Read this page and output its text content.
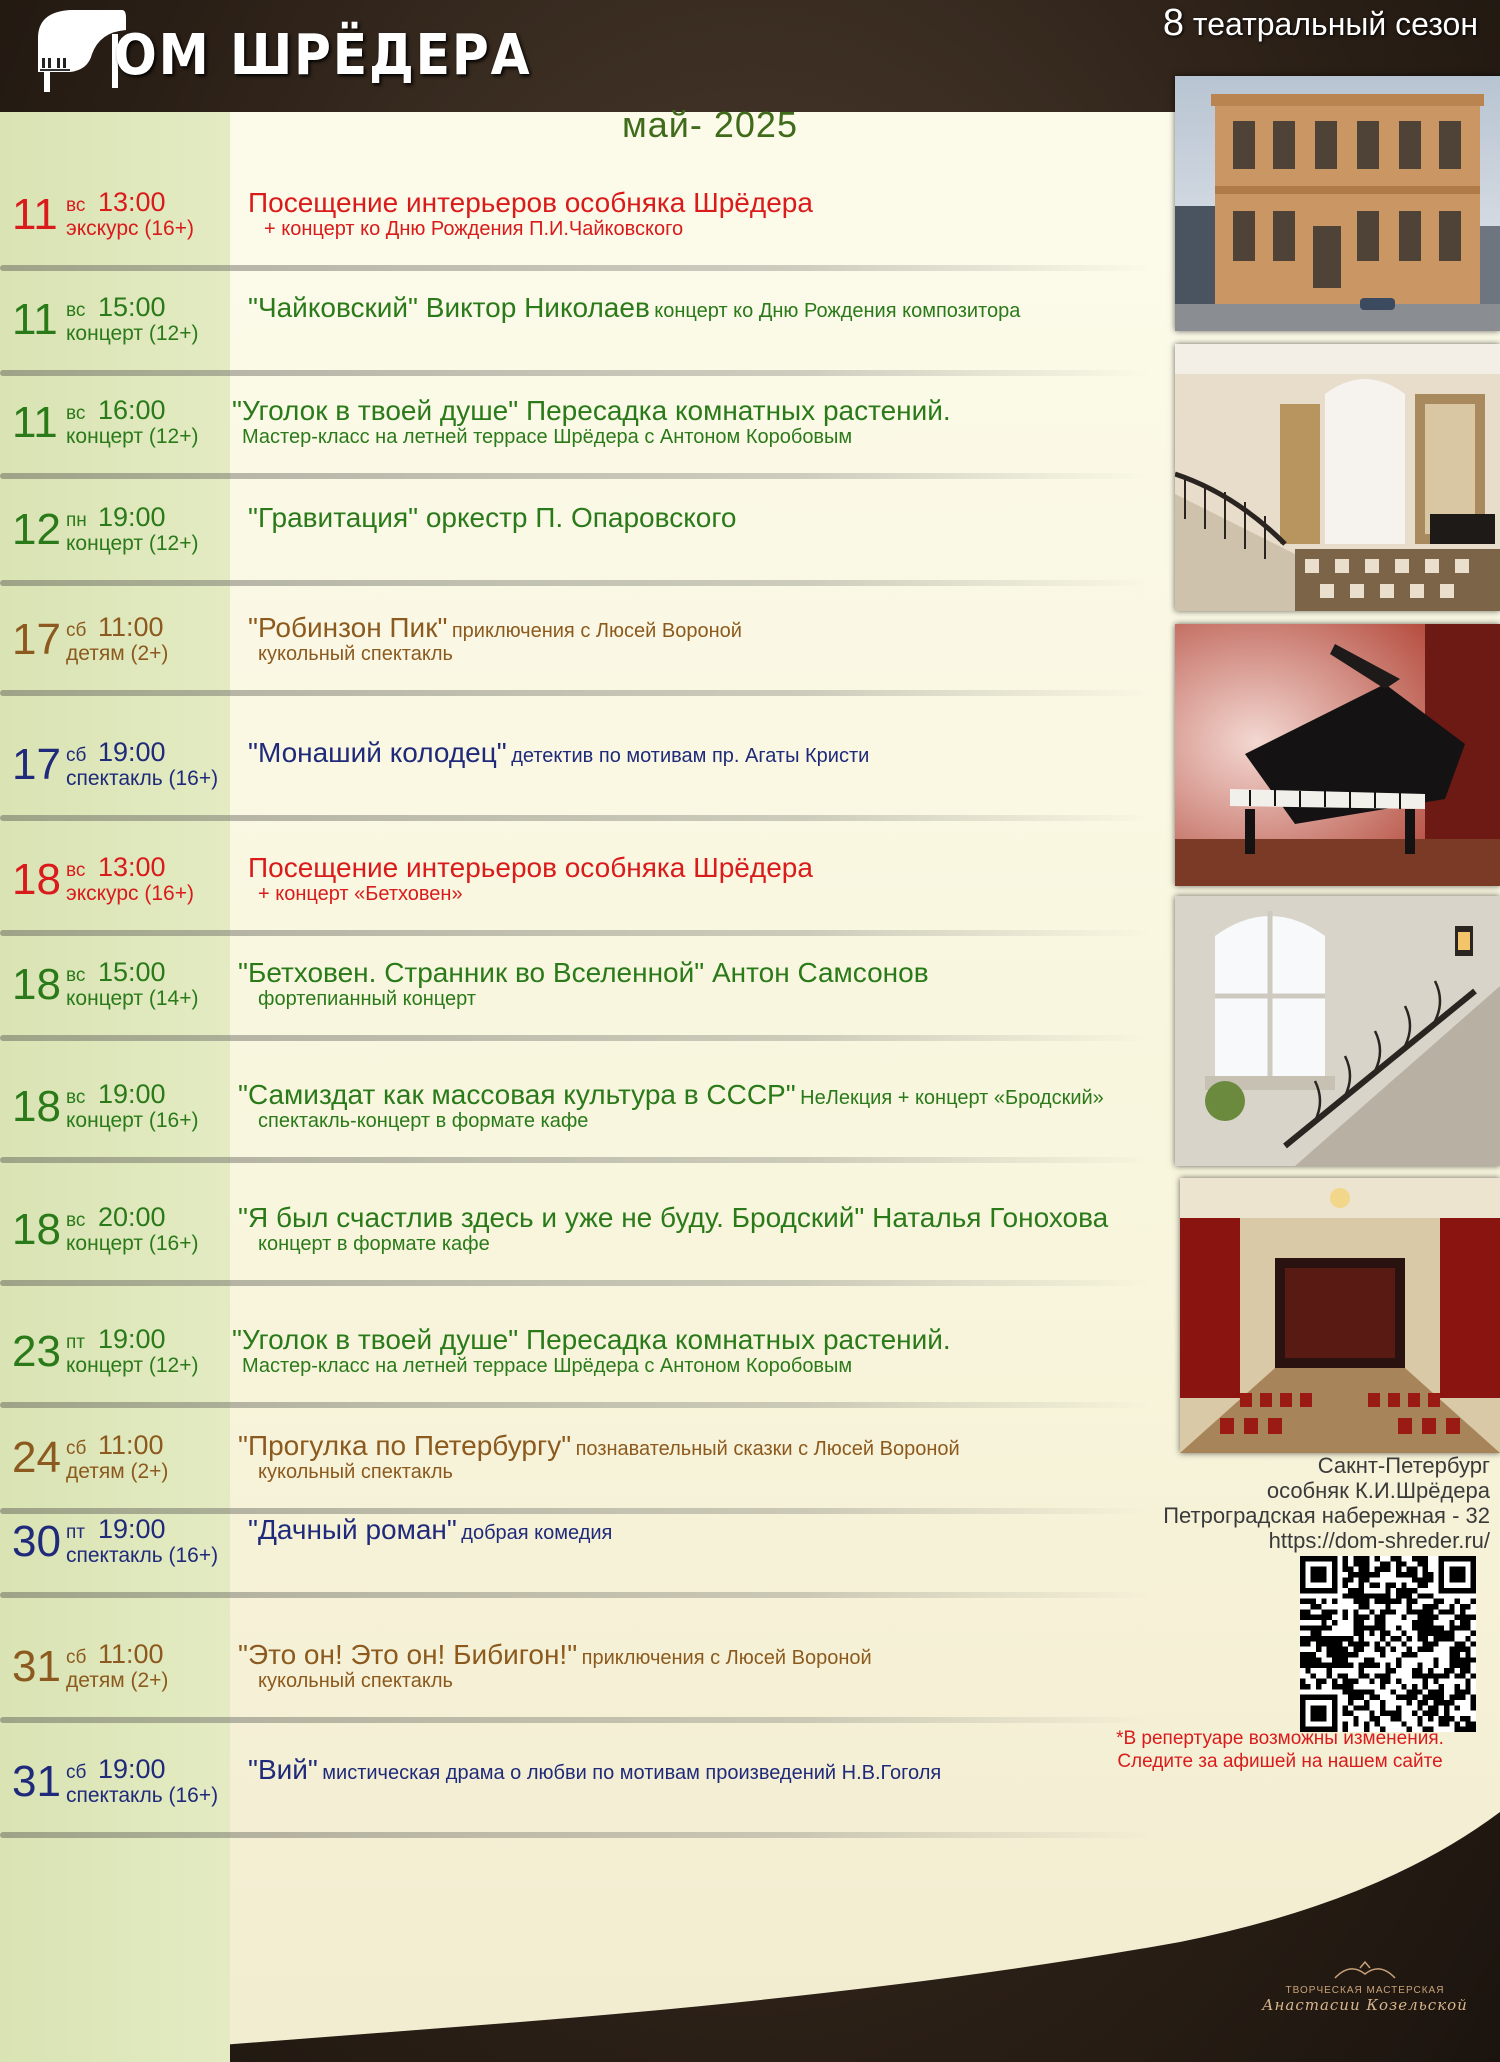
ОМ ШРЁДЕРА	8 театральный сезон
май- 2025
11 вс 13:00
экскурс (16+)
Посещение интерьеров особняка Шрёдера
+ концерт ко Дню Рождения П.И.Чайковского
11 вс 15:00
концерт (12+)
"Чайковский" Виктор Николаев концерт ко Дню Рождения композитора
11 вс 16:00
концерт (12+)
"Уголок в твоей душе" Пересадка комнатных растений.
Мастер-класс на летней террасе Шрёдера с Антоном Коробовым
12 пн 19:00
концерт (12+)
"Гравитация" оркестр П. Опаровского
17 сб 11:00
детям (2+)
"Робинзон Пик" приключения с Люсей Вороной
кукольный спектакль
17 сб 19:00
спектакль (16+)
"Монаший колодец" детектив по мотивам пр. Агаты Кристи
18 вс 13:00
экскурс (16+)
Посещение интерьеров особняка Шрёдера
+ концерт «Бетховен»
18 вс 15:00
концерт (14+)
"Бетховен. Странник во Вселенной" Антон Самсонов
фортепианный концерт
18 вс 19:00
концерт (16+)
"Самиздат как массовая культура в СССР" НеЛекция + концерт «Бродский»
спектакль-концерт в формате кафе
18 вс 20:00
концерт (16+)
"Я был счастлив здесь и уже не буду. Бродский" Наталья Гонохова
концерт в формате кафе
23 пт 19:00
концерт (12+)
"Уголок в твоей душе" Пересадка комнатных растений.
Мастер-класс на летней террасе Шрёдера с Антоном Коробовым
24 сб 11:00
детям (2+)
"Прогулка по Петербургу" познавательный сказки с Люсей Вороной
кукольный спектакль
30 пт 19:00
спектакль (16+)
"Дачный роман" добрая комедия
31 сб 11:00
детям (2+)
"Это он! Это он! Бибигон!" приключения с Люсей Вороной
кукольный спектакль
31 сб 19:00
спектакль (16+)
"Вий" мистическая драма о любви по мотивам произведений Н.В.Гоголя
Сакнт-Петербург
особняк К.И.Шрёдера
Петроградская набережная - 32
https://dom-shreder.ru/
*В репертуаре возможны изменения.
Следите за афишей на нашем сайте
ТВОРЧЕСКАЯ МАСТЕРСКАЯ
Анастасии Козельской
